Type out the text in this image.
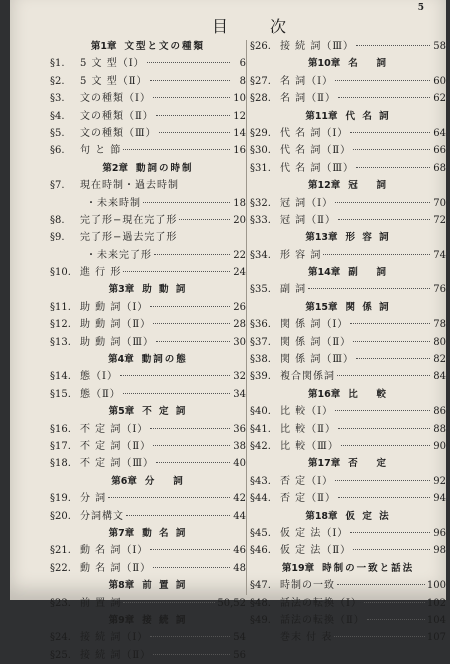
5
目	次
第1章 文型と文の種類
§1.	5 文 型（Ⅰ）	6
§2.	5 文 型（Ⅱ）	8
§3.	文の種類（Ⅰ）	10
§4.	文の種類（Ⅱ）	12
§5.	文の種類（Ⅲ）	14
§6.	句 と 節	16
第2章 動詞の時制
§7.	現在時制・過去時制
・未来時制	18
§8.	完了形−現在完了形	20
§9.	完了形−過去完了形
・未来完了形	22
§10. 進 行 形	24
第3章 助 動 詞
§11. 助 動 詞（Ⅰ）	26
§12. 助 動 詞（Ⅱ）	28
§13. 助 動 詞（Ⅲ）	30
第4章 動詞の態
§14. 態（Ⅰ）	32
§15. 態（Ⅱ）	34
第5章 不 定 詞
§16. 不 定 詞（Ⅰ）	36
§17. 不 定 詞（Ⅱ）	38
§18. 不 定 詞（Ⅲ）	40
第6章 分　 詞
§19. 分 詞	42
§20. 分詞構文	44
第7章 動 名 詞
§21. 動 名 詞（Ⅰ）	46
§22. 動 名 詞（Ⅱ）	48
第8章 前 置 詞
§23. 前 置 詞	50,52
第9章 接 続 詞
§24. 接 続 詞（Ⅰ）	54
§25. 接 続 詞（Ⅱ）	56
§26. 接 続 詞（Ⅲ）	58
第10章 名　 詞
§27. 名 詞（Ⅰ）	60
§28. 名 詞（Ⅱ）	62
第11章 代 名 詞
§29. 代 名 詞（Ⅰ）	64
§30. 代 名 詞（Ⅱ）	66
§31. 代 名 詞（Ⅲ）	68
第12章 冠　 詞
§32. 冠 詞（Ⅰ）	70
§33. 冠 詞（Ⅱ）	72
第13章 形 容 詞
§34. 形 容 詞	74
第14章 副　 詞
§35. 副 詞	76
第15章 関 係 詞
§36. 関 係 詞（Ⅰ）	78
§37. 関 係 詞（Ⅱ）	80
§38. 関 係 詞（Ⅲ）	82
§39. 複合関係詞	84
第16章 比　 較
§40. 比 較（Ⅰ）	86
§41. 比 較（Ⅱ）	88
§42. 比 較（Ⅲ）	90
第17章 否　 定
§43. 否 定（Ⅰ）	92
§44. 否 定（Ⅱ）	94
第18章 仮 定 法
§45. 仮 定 法（Ⅰ）	96
§46. 仮 定 法（Ⅱ）	98
第19章 時制の一致と話法
§47. 時制の一致	100
§48. 話法の転換（Ⅰ）	102
§49. 話法の転換（Ⅱ）	104
巻末 付 表	107
